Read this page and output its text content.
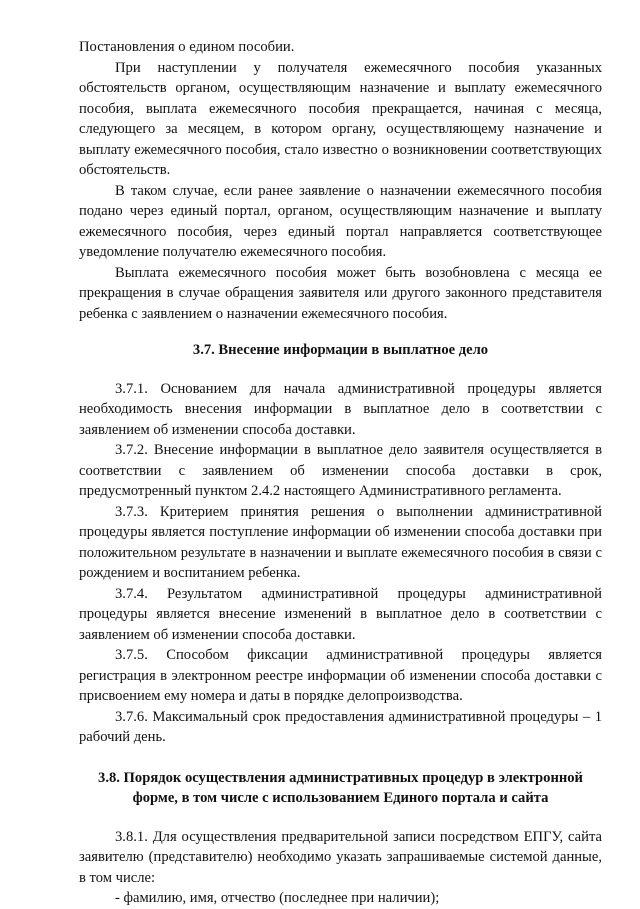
Постановления о едином пособии.

При наступлении у получателя ежемесячного пособия указанных обстоятельств органом, осуществляющим назначение и выплату ежемесячного пособия, выплата ежемесячного пособия прекращается, начиная с месяца, следующего за месяцем, в котором органу, осуществляющему назначение и выплату ежемесячного пособия, стало известно о возникновении соответствующих обстоятельств.

В таком случае, если ранее заявление о назначении ежемесячного пособия подано через единый портал, органом, осуществляющим назначение и выплату ежемесячного пособия, через единый портал направляется соответствующее уведомление получателю ежемесячного пособия.

Выплата ежемесячного пособия может быть возобновлена с месяца ее прекращения в случае обращения заявителя или другого законного представителя ребенка с заявлением о назначении ежемесячного пособия.

3.7. Внесение информации в выплатное дело

3.7.1. Основанием для начала административной процедуры является необходимость внесения информации в выплатное дело в соответствии с заявлением об изменении способа доставки.

3.7.2. Внесение информации в выплатное дело заявителя осуществляется в соответствии с заявлением об изменении способа доставки в срок, предусмотренный пунктом 2.4.2 настоящего Административного регламента.

3.7.3. Критерием принятия решения о выполнении административной процедуры является поступление информации об изменении способа доставки при положительном результате в назначении и выплате ежемесячного пособия в связи с рождением и воспитанием ребенка.

3.7.4. Результатом административной процедуры административной процедуры является внесение изменений в выплатное дело в соответствии с заявлением об изменении способа доставки.

3.7.5. Способом фиксации административной процедуры является регистрация в электронном реестре информации об изменении способа доставки с присвоением ему номера и даты в порядке делопроизводства.

3.7.6. Максимальный срок предоставления административной процедуры – 1 рабочий день.

3.8. Порядок осуществления административных процедур в электронной

форме, в том числе с использованием Единого портала и сайта

3.8.1. Для осуществления предварительной записи посредством ЕПГУ, сайта заявителю (представителю) необходимо указать запрашиваемые системой данные, в том числе:

- фамилию, имя, отчество (последнее при наличии);
